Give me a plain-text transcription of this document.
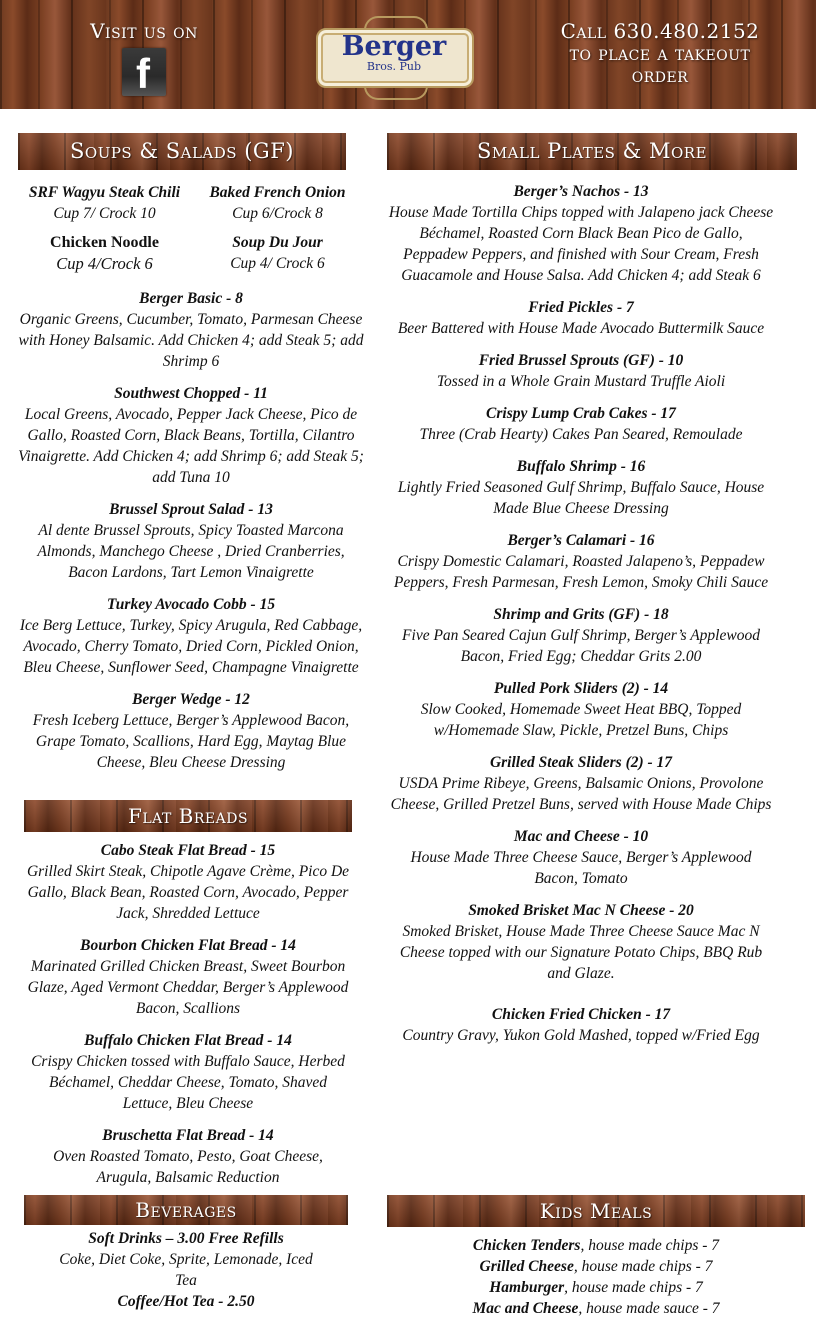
Visit us on
f
Berger
Bros. Pub
Call 630.480.2152
to place a takeout
order
Soups & Salads (GF)	Small Plates & More
Flat Breads
Beverages	Kids Meals
SRF Wagyu Steak Chili
Cup 7/ Crock 10
Baked French Onion
Cup 6/Crock 8
Chicken Noodle
Cup 4/Crock 6
Soup Du Jour
Cup 4/ Crock 6
Berger Basic - 8
Organic Greens, Cucumber, Tomato, Parmesan Cheese with Honey Balsamic. Add Chicken 4; add Steak 5; add Shrimp 6
Southwest Chopped - 11
Local Greens, Avocado, Pepper Jack Cheese, Pico de Gallo, Roasted Corn, Black Beans, Tortilla, Cilantro Vinaigrette. Add Chicken 4; add Shrimp 6; add Steak 5; add Tuna 10
Brussel Sprout Salad - 13
Al dente Brussel Sprouts, Spicy Toasted Marcona Almonds, Manchego Cheese , Dried Cranberries, Bacon Lardons, Tart Lemon Vinaigrette
Turkey Avocado Cobb - 15
Ice Berg Lettuce, Turkey, Spicy Arugula, Red Cabbage, Avocado, Cherry Tomato, Dried Corn, Pickled Onion, Bleu Cheese, Sunflower Seed, Champagne Vinaigrette
Berger Wedge - 12
Fresh Iceberg Lettuce, Berger’s Applewood Bacon, Grape Tomato, Scallions, Hard Egg, Maytag Blue Cheese, Bleu Cheese Dressing
Cabo Steak Flat Bread - 15
Grilled Skirt Steak, Chipotle Agave Crème, Pico De Gallo, Black Bean, Roasted Corn, Avocado, Pepper Jack, Shredded Lettuce
Bourbon Chicken Flat Bread - 14
Marinated Grilled Chicken Breast, Sweet Bourbon Glaze, Aged Vermont Cheddar, Berger’s Applewood Bacon, Scallions
Buffalo Chicken Flat Bread - 14
Crispy Chicken tossed with Buffalo Sauce, Herbed Béchamel, Cheddar Cheese, Tomato, Shaved Lettuce, Bleu Cheese
Bruschetta Flat Bread - 14
Oven Roasted Tomato, Pesto, Goat Cheese, Arugula, Balsamic Reduction
Soft Drinks – 3.00 Free Refills
Coke, Diet Coke, Sprite, Lemonade, Iced Tea
Coffee/Hot Tea - 2.50
Berger’s Nachos - 13
House Made Tortilla Chips topped with Jalapeno jack Cheese Béchamel, Roasted Corn Black Bean Pico de Gallo, Peppadew Peppers, and finished with Sour Cream, Fresh Guacamole and House Salsa. Add Chicken 4; add Steak 6
Fried Pickles - 7
Beer Battered with House Made Avocado Buttermilk Sauce
Fried Brussel Sprouts (GF) - 10
Tossed in a Whole Grain Mustard Truffle Aioli
Crispy Lump Crab Cakes - 17
Three (Crab Hearty) Cakes Pan Seared, Remoulade
Buffalo Shrimp - 16
Lightly Fried Seasoned Gulf Shrimp, Buffalo Sauce, House Made Blue Cheese Dressing
Berger’s Calamari - 16
Crispy Domestic Calamari, Roasted Jalapeno’s, Peppadew Peppers, Fresh Parmesan, Fresh Lemon, Smoky Chili Sauce
Shrimp and Grits (GF) - 18
Five Pan Seared Cajun Gulf Shrimp, Berger’s Applewood Bacon, Fried Egg; Cheddar Grits 2.00
Pulled Pork Sliders (2) - 14
Slow Cooked, Homemade Sweet Heat BBQ, Topped w/Homemade Slaw, Pickle, Pretzel Buns, Chips
Grilled Steak Sliders (2) - 17
USDA Prime Ribeye, Greens, Balsamic Onions, Provolone Cheese, Grilled Pretzel Buns, served with House Made Chips
Mac and Cheese - 10
House Made Three Cheese Sauce, Berger’s Applewood Bacon, Tomato
Smoked Brisket Mac N Cheese - 20
Smoked Brisket, House Made Three Cheese Sauce Mac N Cheese topped with our Signature Potato Chips, BBQ Rub and Glaze.
Chicken Fried Chicken - 17
Country Gravy, Yukon Gold Mashed, topped w/Fried Egg
Chicken Tenders, house made chips - 7
Grilled Cheese, house made chips - 7
Hamburger, house made chips - 7
Mac and Cheese, house made sauce - 7
